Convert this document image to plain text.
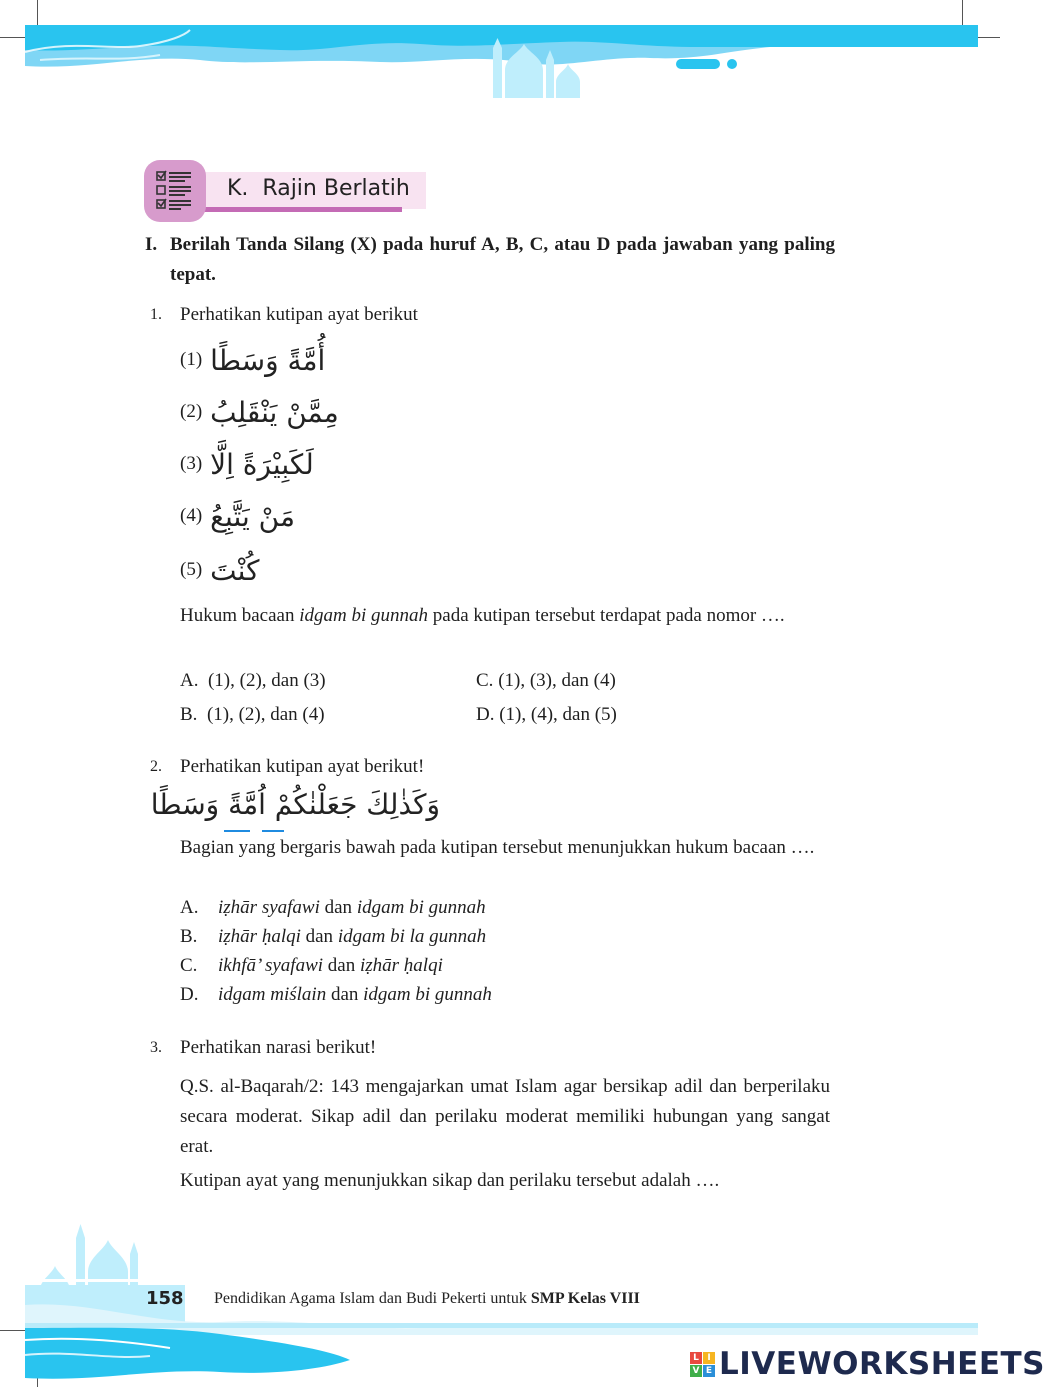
K.  Rajin Berlatih
I. Berilah Tanda Silang (X) pada huruf A, B, C, atau D pada jawaban yang paling tepat.
1. Perhatikan kutipan ayat berikut
(1) أُمَّةً وَسَطًا
(2) مِمَّنْ يَنْقَلِبُ
(3) لَكَبِيْرَةً اِلَّا
(4) مَنْ يَتَّبِعُ
(5) كُنْتَ
Hukum bacaan idgam bi gunnah pada kutipan tersebut terdapat pada nomor ….
A. (1), (2), dan (3)
B. (1), (2), dan (4)
C. (1), (3), dan (4)
D. (1), (4), dan (5)
2. Perhatikan kutipan ayat berikut!
وَكَذٰلِكَ جَعَلْنٰكُمْ اُمَّةً وَسَطًا
Bagian yang bergaris bawah pada kutipan tersebut menunjukkan hukum bacaan ….
A. iẓhār syafawi dan idgam bi gunnah
B. iẓhār ḥalqi dan idgam bi la gunnah
C. ikhfā’ syafawi dan iẓhār ḥalqi
D. idgam miślain dan idgam bi gunnah
3. Perhatikan narasi berikut!
Q.S. al-Baqarah/2: 143 mengajarkan umat Islam agar bersikap adil dan berperilaku secara moderat. Sikap adil dan perilaku moderat memiliki hubungan yang sangat erat.
Kutipan ayat yang menunjukkan sikap dan perilaku tersebut adalah ….
158 Pendidikan Agama Islam dan Budi Pekerti untuk SMP Kelas VIII
L I
V E LIVEWORKSHEETS
